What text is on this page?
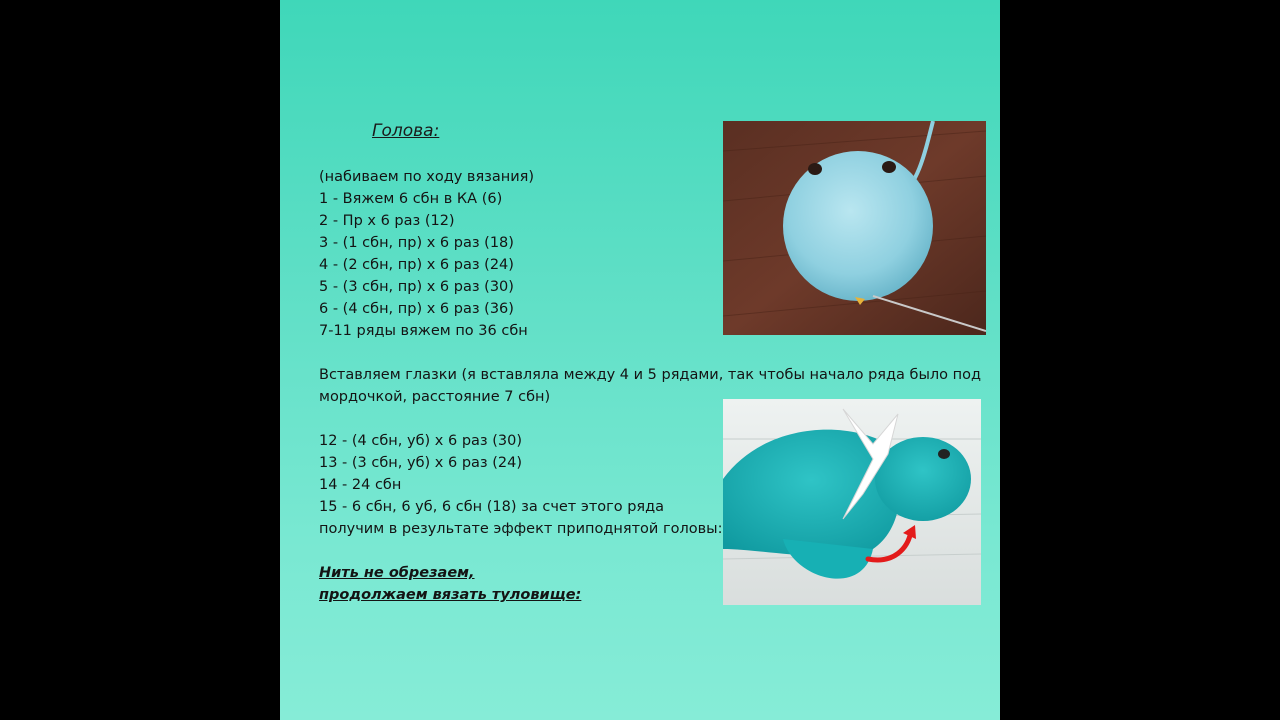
Голова:
(набиваем по ходу вязания)
1 - Вяжем 6 сбн в КА (6)
2 - Пр х 6 раз (12)
3 - (1 сбн, пр) х 6 раз (18)
4 - (2 сбн, пр) х 6 раз (24)
5 - (3 сбн, пр) х 6 раз (30)
6 - (4 сбн, пр) х 6 раз (36)
7-11 ряды вяжем по 36 сбн
Вставляем глазки (я вставляла между 4 и 5 рядами, так чтобы начало ряда было под
мордочкой, расстояние 7 сбн)
12 - (4 сбн, уб) х 6 раз (30)
13 - (3 сбн, уб) х 6 раз (24)
14 - 24 сбн
15 - 6 сбн, 6 уб, 6 сбн (18) за счет этого ряда
получим в результате эффект приподнятой головы:
Нить не обрезаем,
продолжаем вязать туловище:
